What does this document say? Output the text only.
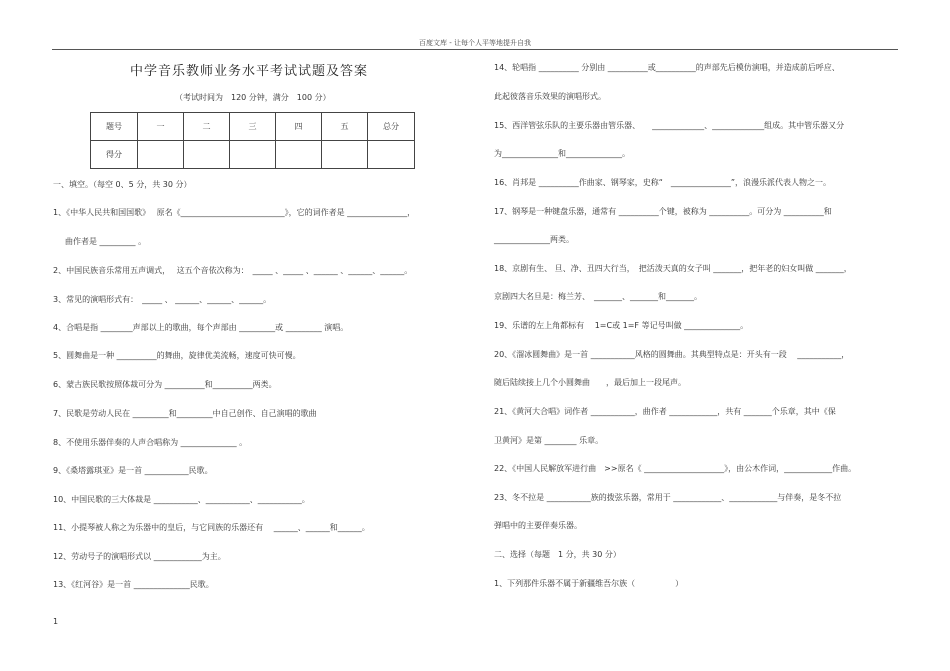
百度文库 - 让每个人平等地提升自我
中学音乐教师业务水平考试试题及答案
（考试时间为　120 分钟，满分　100 分）
题号	一	二	三	四	五	总分
得分						
一、填空。（每空 0、5 分，共 30 分）
1、《中华人民共和国国歌》　 原名《__________________________》，它的词作者是 _______________，
曲作者是 _________ 。
2、中国民族音乐常用五声调式，　 这五个音依次称为：　_____ 、_____ 、______ 、______、______。
3、常见的演唱形式有：　_____ 、 ______、______、______。
4、合唱是指 ________声部以上的歌曲，每个声部由 _________或 _________ 演唱。
5、圆舞曲是一种 __________的舞曲，旋律优美流畅，速度可快可慢。
6、蒙古族民歌按照体裁可分为 __________和__________两类。
7、民歌是劳动人民在 _________和_________中自己创作、自己演唱的歌曲
8、不使用乐器伴奏的人声合唱称为 ______________ 。
9、《桑塔露琪亚》是一首 ___________民歌。
10、中国民歌的三大体裁是 ___________、___________、___________。
11、小提琴被人称之为乐器中的皇后，与它同族的乐器还有 　______、______和______。
12、劳动号子的演唱形式以 ____________为主。
13、《红河谷》是一首 ______________民歌。
14、轮唱指 __________ 分别由 __________或__________的声部先后模仿演唱，并造成前后呼应、
此起彼落音乐效果的演唱形式。
15、西洋管弦乐队的主要乐器由管乐器、　　_____________、_____________组成。其中管乐器又分
为______________和______________。
16、肖邦是 __________作曲家、钢琴家，史称“　_______________”，浪漫乐派代表人物之一。
17、钢琴是一种键盘乐器，通常有 __________个键，被称为 __________。可分为 __________和
______________两类。
18、京剧有生、 旦、净、丑四大行当，　把活泼天真的女子叫 _______，把年老的妇女叫做 _______，
京剧四大名旦是：梅兰芳、　_______、_______和_______。
19、乐谱的左上角都标有　 1=C或 1=F 等记号叫做 ______________。
20、《溜冰圆舞曲》是一首 ___________风格的圆舞曲。其典型特点是：开头有一段　 ___________，
随后陆续接上几个小圆舞曲　　，最后加上一段尾声。
21、《黄河大合唱》词作者 ___________，曲作者 ____________，共有 _______个乐章，其中《保
卫黄河》是第 ________ 乐章。
22、《中国人民解放军进行曲　>>原名《 ____________________》，由公木作词，____________作曲。
23、冬不拉是 ___________族的拨弦乐器，常用于 ____________、____________与伴奏，是冬不拉
弹唱中的主要伴奏乐器。
二、选择（每题　1 分，共 30 分）
1、下列那件乐器不属于新疆维吾尔族（　　　　　）
1
